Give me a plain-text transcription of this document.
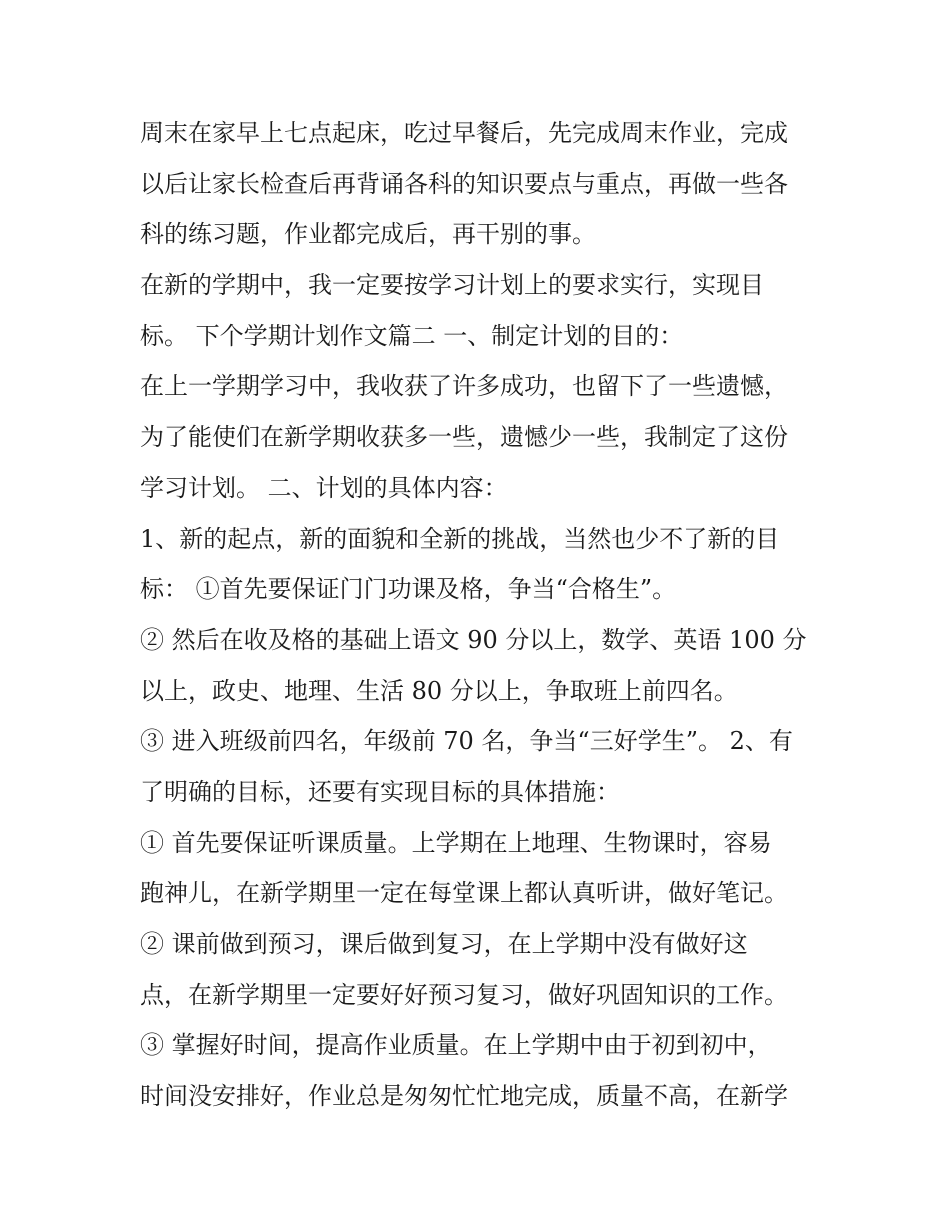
周末在家早上七点起床，吃过早餐后，先完成周末作业，完成
以后让家长检查后再背诵各科的知识要点与重点，再做一些各
科的练习题，作业都完成后，再干别的事。
在新的学期中，我一定要按学习计划上的要求实行，实现目
标。 下个学期计划作文篇二 一、制定计划的目的：
在上一学期学习中，我收获了许多成功，也留下了一些遗憾，
为了能使们在新学期收获多一些，遗憾少一些，我制定了这份
学习计划。 二、计划的具体内容：
1、新的起点，新的面貌和全新的挑战，当然也少不了新的目
标： ①首先要保证门门功课及格，争当“合格生”。
② 然后在收及格的基础上语文 90 分以上，数学、英语 100 分
以上，政史、地理、生活 80 分以上，争取班上前四名。
③ 进入班级前四名，年级前 70 名，争当“三好学生”。 2、有
了明确的目标，还要有实现目标的具体措施：
① 首先要保证听课质量。上学期在上地理、生物课时，容易
跑神儿，在新学期里一定在每堂课上都认真听讲，做好笔记。
② 课前做到预习，课后做到复习，在上学期中没有做好这
点，在新学期里一定要好好预习复习，做好巩固知识的工作。
③ 掌握好时间，提高作业质量。在上学期中由于初到初中，
时间没安排好，作业总是匆匆忙忙地完成，质量不高，在新学
